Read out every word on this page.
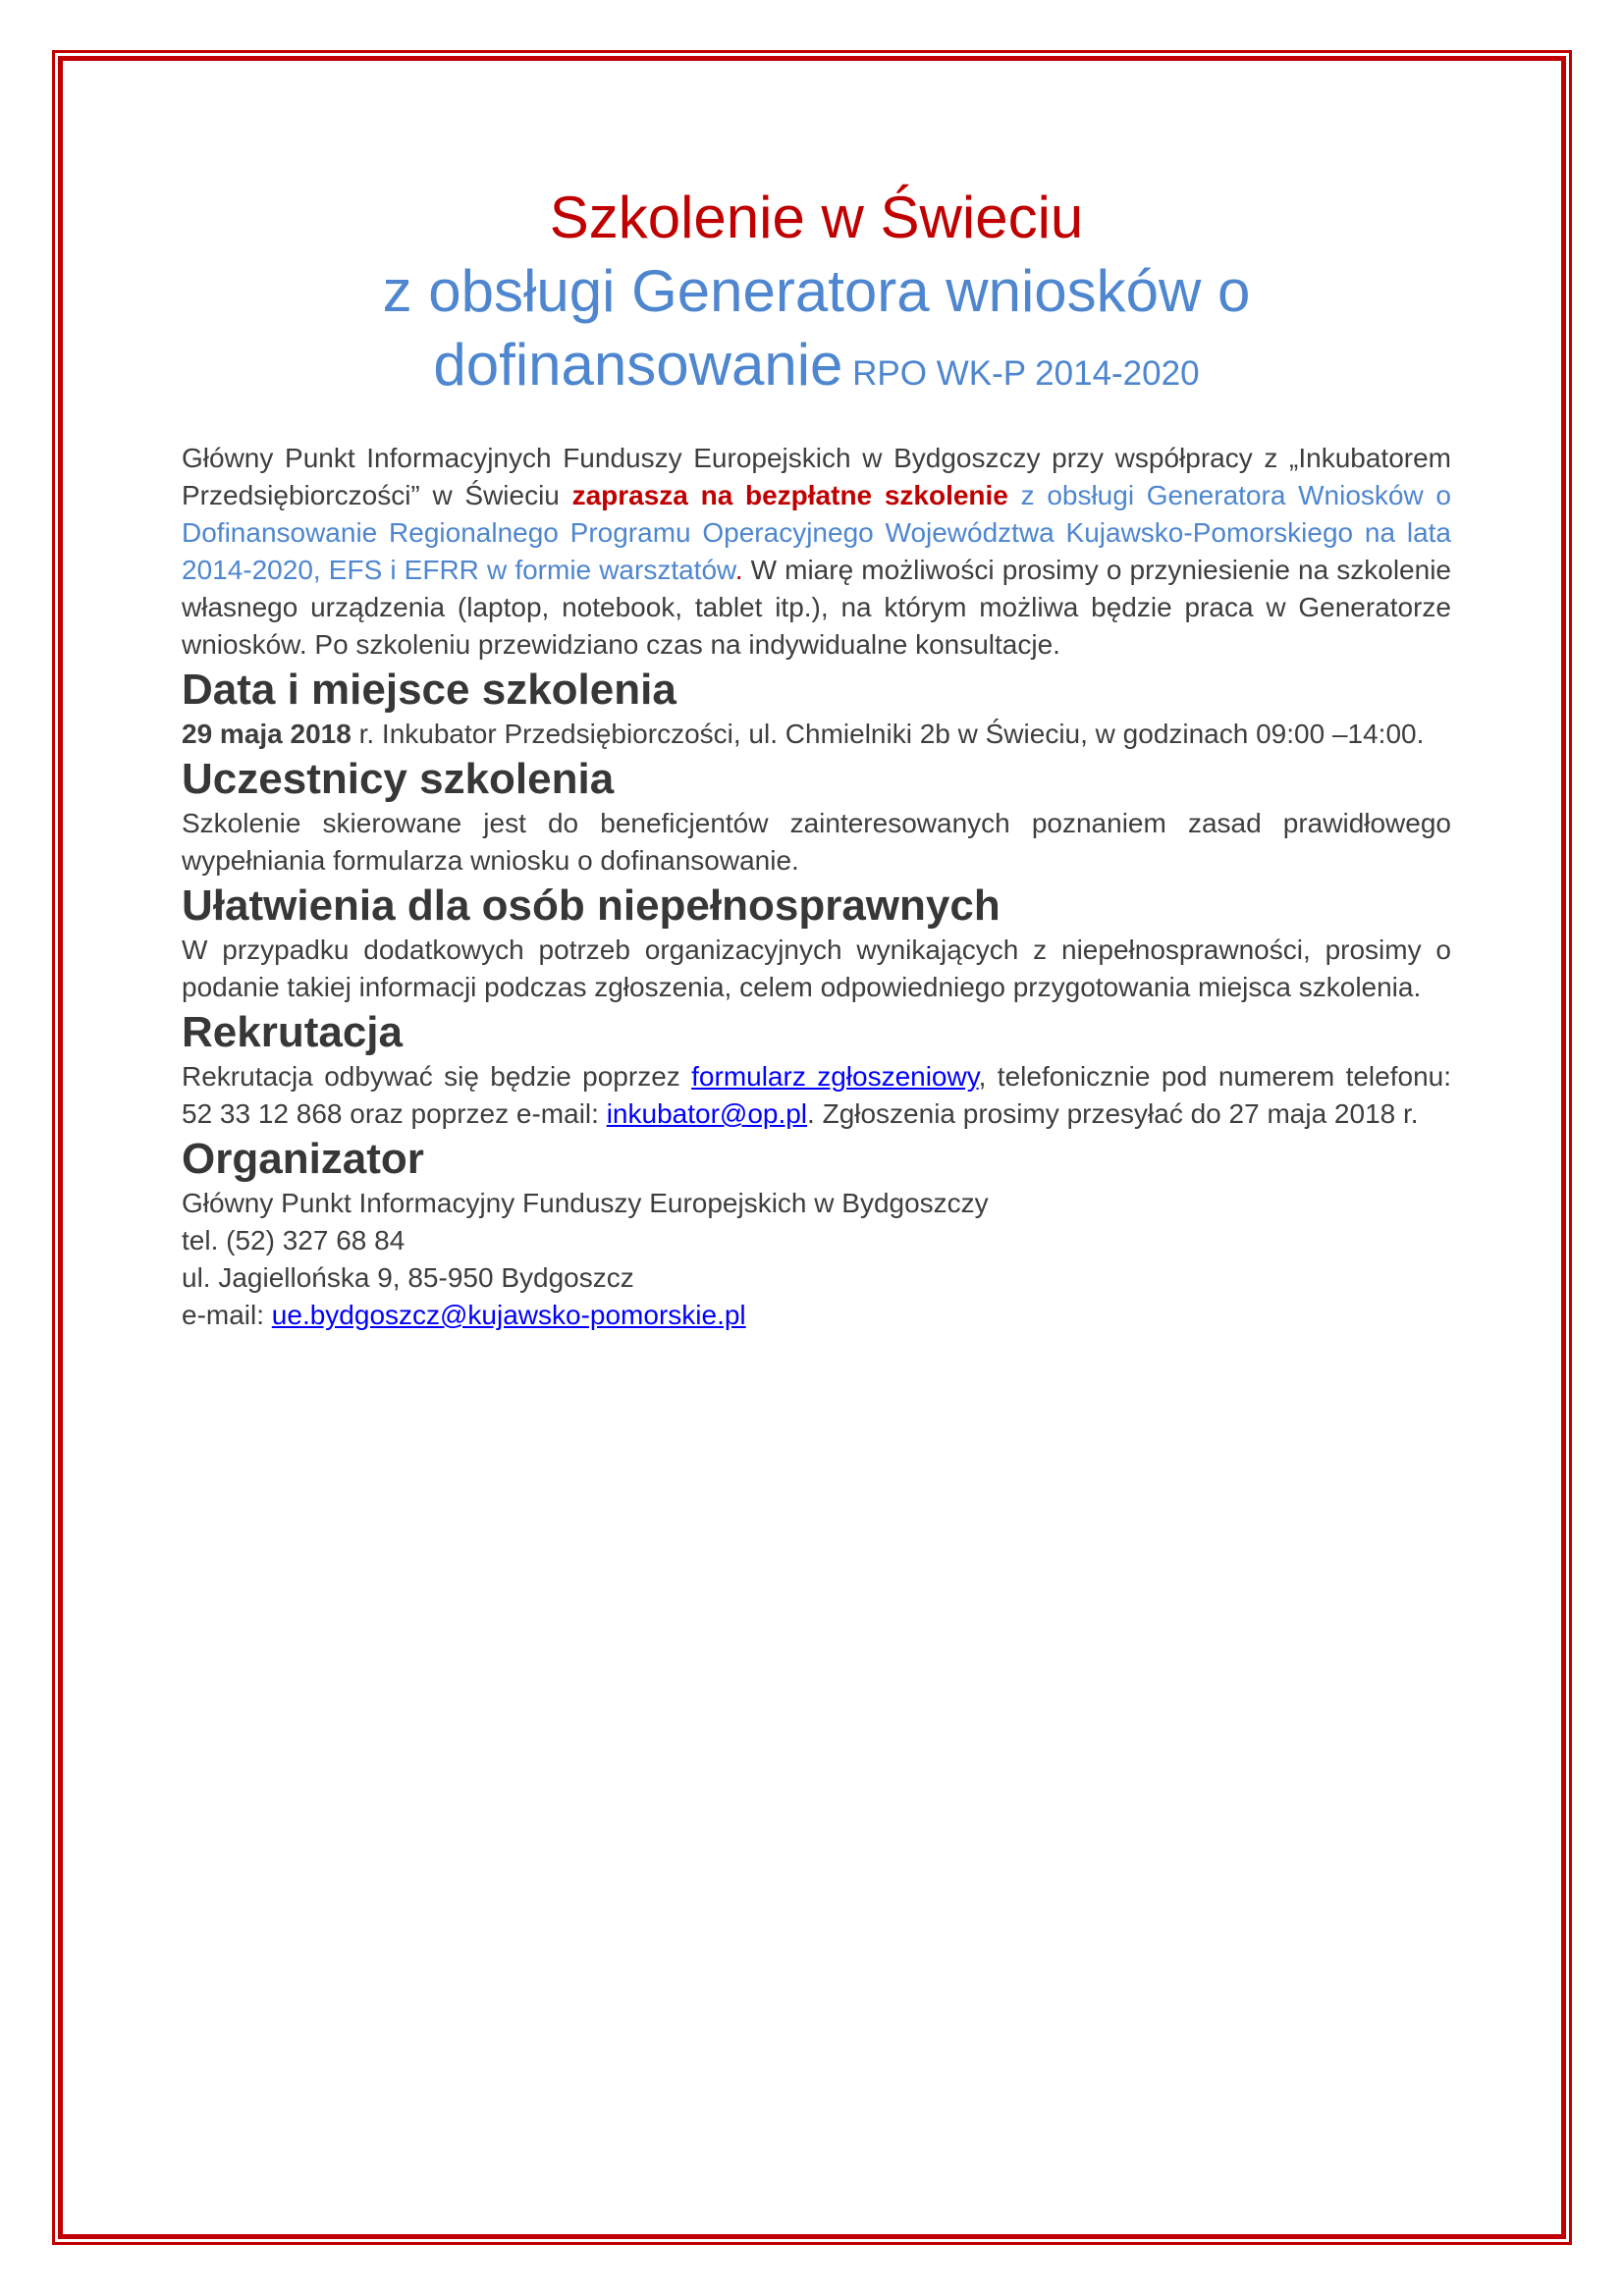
Szkolenie w Świeciu
z obsługi Generatora wniosków o
dofinansowanie RPO WK-P 2014-2020

Główny Punkt Informacyjnych Funduszy Europejskich w Bydgoszczy przy współpracy z „Inkubatorem Przedsiębiorczości” w Świeciu zaprasza na bezpłatne szkolenie z obsługi Generatora Wniosków o Dofinansowanie Regionalnego Programu Operacyjnego Województwa Kujawsko-Pomorskiego na lata 2014-2020, EFS i EFRR w formie warsztatów. W miarę możliwości prosimy o przyniesienie na szkolenie własnego urządzenia (laptop, notebook, tablet itp.), na którym możliwa będzie praca w Generatorze wniosków. Po szkoleniu przewidziano czas na indywidualne konsultacje.

Data i miejsce szkolenia

29 maja 2018 r. Inkubator Przedsiębiorczości, ul. Chmielniki 2b w Świeciu, w godzinach 09:00 –14:00.

Uczestnicy szkolenia

Szkolenie skierowane jest do beneficjentów zainteresowanych poznaniem zasad prawidłowego wypełniania formularza wniosku o dofinansowanie.

Ułatwienia dla osób niepełnosprawnych

W przypadku dodatkowych potrzeb organizacyjnych wynikających z niepełnosprawności, prosimy o podanie takiej informacji podczas zgłoszenia, celem odpowiedniego przygotowania miejsca szkolenia.

Rekrutacja

Rekrutacja odbywać się będzie poprzez formularz zgłoszeniowy, telefonicznie pod numerem telefonu: 52 33 12 868 oraz poprzez e-mail: inkubator@op.pl. Zgłoszenia prosimy przesyłać do 27 maja 2018 r.

Organizator

Główny Punkt Informacyjny Funduszy Europejskich w Bydgoszczy

tel. (52) 327 68 84

ul. Jagiellońska 9, 85-950 Bydgoszcz

e-mail: ue.bydgoszcz@kujawsko-pomorskie.pl
